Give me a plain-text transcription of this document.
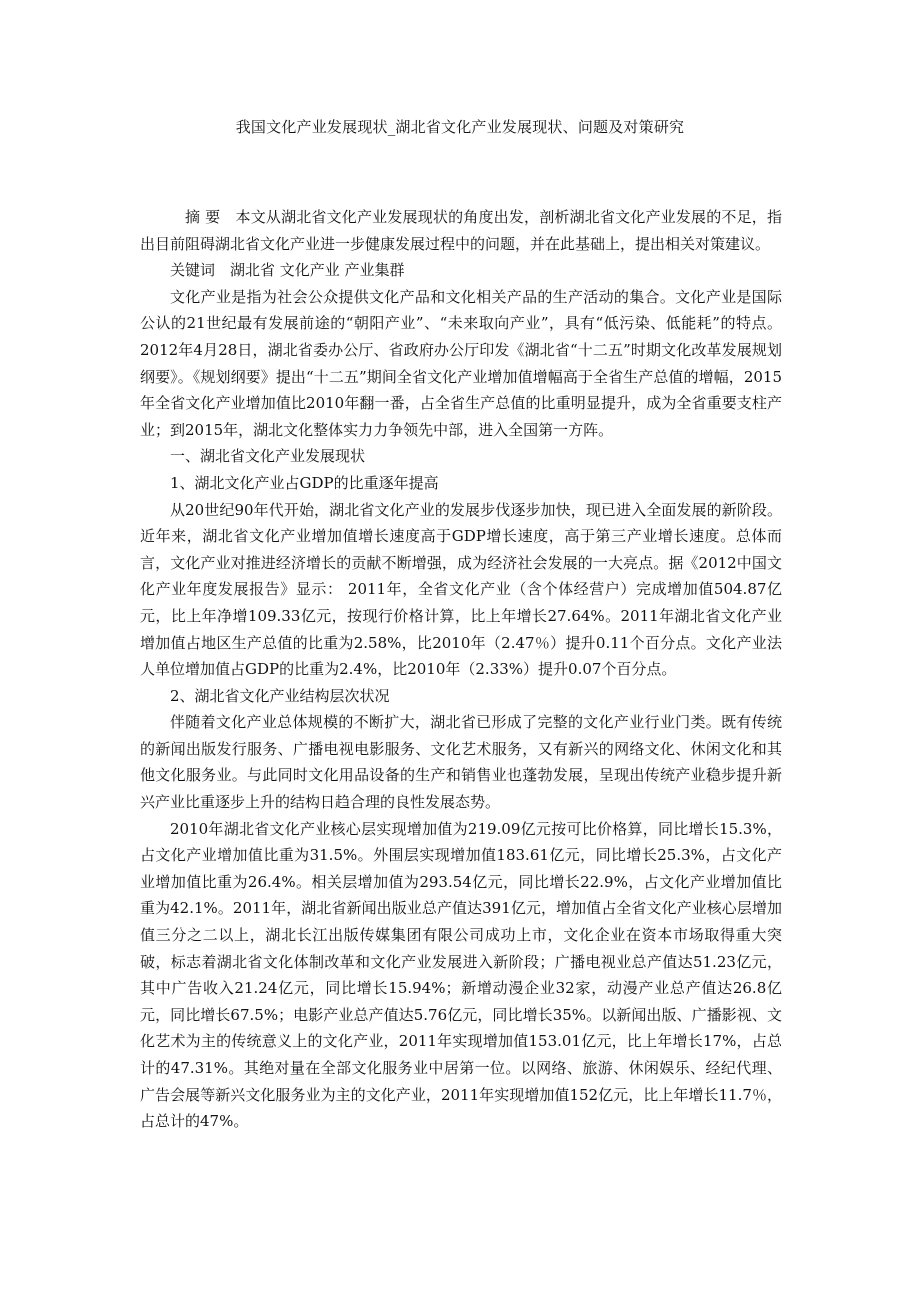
我国文化产业发展现状_湖北省文化产业发展现状、问题及对策研究

摘 要 本文从湖北省文化产业发展现状的角度出发，剖析湖北省文化产业发展的不足，指出目前阻碍湖北省文化产业进一步健康发展过程中的问题，并在此基础上，提出相关对策建议。

关键词 湖北省 文化产业 产业集群

文化产业是指为社会公众提供文化产品和文化相关产品的生产活动的集合。文化产业是国际公认的21世纪最有发展前途的“朝阳产业”、“未来取向产业”，具有“低污染、低能耗”的特点。2012年4月28日，湖北省委办公厅、省政府办公厅印发《湖北省“十二五”时期文化改革发展规划纲要》。《规划纲要》提出“十二五”期间全省文化产业增加值增幅高于全省生产总值的增幅，2015年全省文化产业增加值比2010年翻一番，占全省生产总值的比重明显提升，成为全省重要支柱产业；到2015年，湖北文化整体实力力争领先中部，进入全国第一方阵。

一、湖北省文化产业发展现状

1、湖北文化产业占GDP的比重逐年提高

从20世纪90年代开始，湖北省文化产业的发展步伐逐步加快，现已进入全面发展的新阶段。近年来，湖北省文化产业增加值增长速度高于GDP增长速度，高于第三产业增长速度。总体而言，文化产业对推进经济增长的贡献不断增强，成为经济社会发展的一大亮点。据《2012中国文化产业年度发展报告》显示： 2011年，全省文化产业（含个体经营户）完成增加值504.87亿元，比上年净增109.33亿元，按现行价格计算，比上年增长27.64%。2011年湖北省文化产业增加值占地区生产总值的比重为2.58%，比2010年（2.47％）提升0.11个百分点。文化产业法人单位增加值占GDP的比重为2.4%，比2010年（2.33%）提升0.07个百分点。

2、湖北省文化产业结构层次状况

伴随着文化产业总体规模的不断扩大，湖北省已形成了完整的文化产业行业门类。既有传统的新闻出版发行服务、广播电视电影服务、文化艺术服务，又有新兴的网络文化、休闲文化和其他文化服务业。与此同时文化用品设备的生产和销售业也蓬勃发展，呈现出传统产业稳步提升新兴产业比重逐步上升的结构日趋合理的良性发展态势。

2010年湖北省文化产业核心层实现增加值为219.09亿元按可比价格算，同比增长15.3%，占文化产业增加值比重为31.5%。外围层实现增加值183.61亿元，同比增长25.3%，占文化产业增加值比重为26.4%。相关层增加值为293.54亿元，同比增长22.9%，占文化产业增加值比重为42.1%。2011年，湖北省新闻出版业总产值达391亿元，增加值占全省文化产业核心层增加值三分之二以上，湖北长江出版传媒集团有限公司成功上市，文化企业在资本市场取得重大突破，标志着湖北省文化体制改革和文化产业发展进入新阶段；广播电视业总产值达51.23亿元，其中广告收入21.24亿元，同比增长15.94%；新增动漫企业32家，动漫产业总产值达26.8亿元，同比增长67.5%；电影产业总产值达5.76亿元，同比增长35%。以新闻出版、广播影视、文化艺术为主的传统意义上的文化产业，2011年实现增加值153.01亿元，比上年增长17%，占总计的47.31%。其绝对量在全部文化服务业中居第一位。以网络、旅游、休闲娱乐、经纪代理、广告会展等新兴文化服务业为主的文化产业，2011年实现增加值152亿元，比上年增长11.7％，占总计的47%。
